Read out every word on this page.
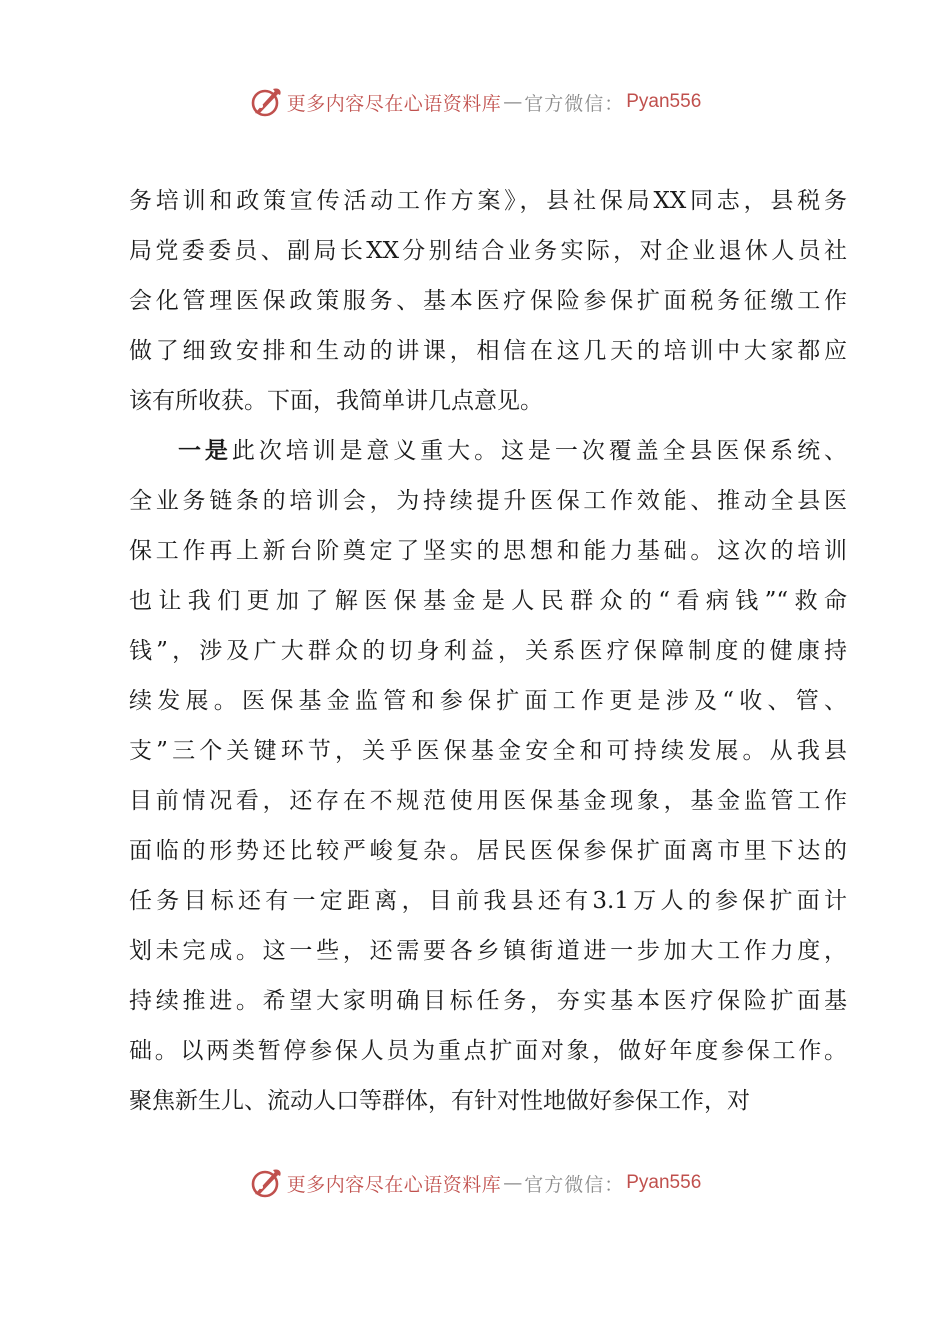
更多内容尽在心语资料库 — 官方微信： Pyan556
务培训和政策宣传活动工作方案》，县社保局XX同志，县税务
局党委委员、副局长XX分别结合业务实际，对企业退休人员社
会化管理医保政策服务、基本医疗保险参保扩面税务征缴工作
做了细致安排和生动的讲课，相信在这几天的培训中大家都应
该有所收获。下面，我简单讲几点意见。
一是此次培训是意义重大。这是一次覆盖全县医保系统、
全业务链条的培训会，为持续提升医保工作效能、推动全县医
保工作再上新台阶奠定了坚实的思想和能力基础。这次的培训
也让我们更加了解医保基金是人民群众的“看病钱”“救命
钱”，涉及广大群众的切身利益，关系医疗保障制度的健康持
续发展。医保基金监管和参保扩面工作更是涉及“收、管、
支”三个关键环节，关乎医保基金安全和可持续发展。从我县
目前情况看，还存在不规范使用医保基金现象，基金监管工作
面临的形势还比较严峻复杂。居民医保参保扩面离市里下达的
任务目标还有一定距离，目前我县还有3.1万人的参保扩面计
划未完成。这一些，还需要各乡镇街道进一步加大工作力度，
持续推进。希望大家明确目标任务，夯实基本医疗保险扩面基
础。以两类暂停参保人员为重点扩面对象，做好年度参保工作。
聚焦新生儿、流动人口等群体，有针对性地做好参保工作，对
更多内容尽在心语资料库 — 官方微信： Pyan556
